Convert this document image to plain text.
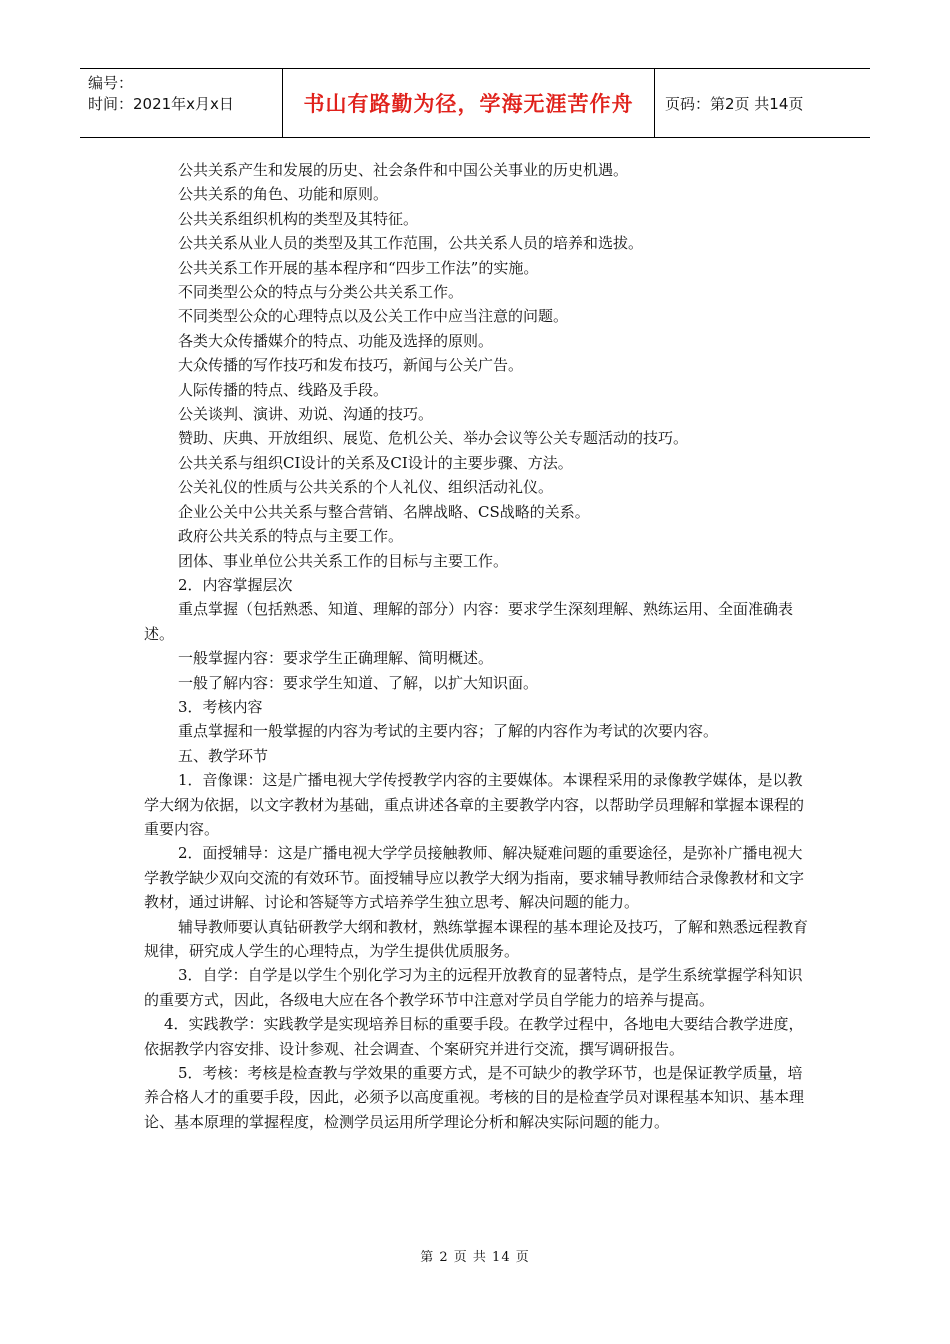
编号：
时间：2021年x月x日	书山有路勤为径，学海无涯苦作舟	页码：第2页 共14页

公共关系产生和发展的历史、社会条件和中国公关事业的历史机遇。

公共关系的角色、功能和原则。

公共关系组织机构的类型及其特征。

公共关系从业人员的类型及其工作范围，公共关系人员的培养和选拔。

公共关系工作开展的基本程序和“四步工作法”的实施。

不同类型公众的特点与分类公共关系工作。

不同类型公众的心理特点以及公关工作中应当注意的问题。

各类大众传播媒介的特点、功能及选择的原则。

大众传播的写作技巧和发布技巧，新闻与公关广告。

人际传播的特点、线路及手段。

公关谈判、演讲、劝说、沟通的技巧。

赞助、庆典、开放组织、展览、危机公关、举办会议等公关专题活动的技巧。

公共关系与组织CI设计的关系及CI设计的主要步骤、方法。

公关礼仪的性质与公共关系的个人礼仪、组织活动礼仪。

企业公关中公共关系与整合营销、名牌战略、CS战略的关系。

政府公共关系的特点与主要工作。

团体、事业单位公共关系工作的目标与主要工作。

2．内容掌握层次

重点掌握（包括熟悉、知道、理解的部分）内容：要求学生深刻理解、熟练运用、全面准确表述。

一般掌握内容：要求学生正确理解、简明概述。

一般了解内容：要求学生知道、了解，以扩大知识面。

3．考核内容

重点掌握和一般掌握的内容为考试的主要内容；了解的内容作为考试的次要内容。

五、教学环节

1．音像课：这是广播电视大学传授教学内容的主要媒体。本课程采用的录像教学媒体，是以教学大纲为依据，以文字教材为基础，重点讲述各章的主要教学内容，以帮助学员理解和掌握本课程的重要内容。

2．面授辅导：这是广播电视大学学员接触教师、解决疑难问题的重要途径，是弥补广播电视大学教学缺少双向交流的有效环节。面授辅导应以教学大纲为指南，要求辅导教师结合录像教材和文字教材，通过讲解、讨论和答疑等方式培养学生独立思考、解决问题的能力。

辅导教师要认真钻研教学大纲和教材，熟练掌握本课程的基本理论及技巧，了解和熟悉远程教育规律，研究成人学生的心理特点，为学生提供优质服务。

3．自学：自学是以学生个别化学习为主的远程开放教育的显著特点，是学生系统掌握学科知识的重要方式，因此，各级电大应在各个教学环节中注意对学员自学能力的培养与提高。

4．实践教学：实践教学是实现培养目标的重要手段。在教学过程中，各地电大要结合教学进度，依据教学内容安排、设计参观、社会调查、个案研究并进行交流，撰写调研报告。

5．考核：考核是检查教与学效果的重要方式，是不可缺少的教学环节，也是保证教学质量，培养合格人才的重要手段，因此，必须予以高度重视。考核的目的是检查学员对课程基本知识、基本理论、基本原理的掌握程度，检测学员运用所学理论分析和解决实际问题的能力。

第 2 页 共 14 页
